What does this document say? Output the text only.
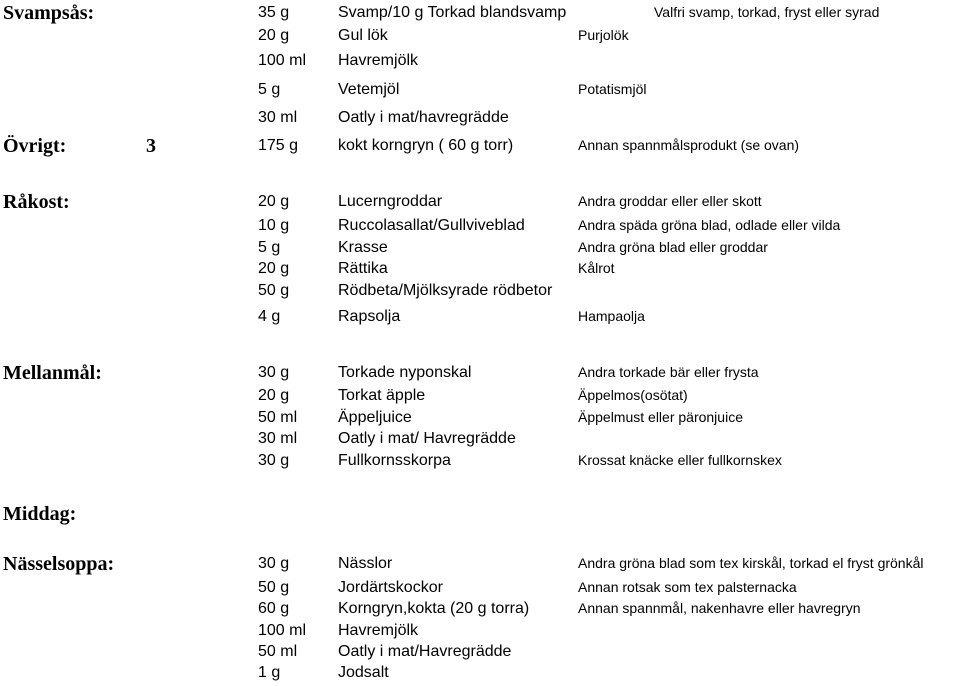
Svampsås:	35 g	Svamp/10 g Torkad blandsvamp	Valfri svamp, torkad, fryst eller syrad
20 g	Gul lök	Purjolök
100 ml Havremjölk
5 g	Vetemjöl	Potatismjöl
30 ml	Oatly i mat/havregrädde
Övrigt:	3	175 g kokt korngryn ( 60 g torr)	Annan spannmålsprodukt (se ovan)
Råkost:	20 g	Lucerngroddar	Andra groddar eller eller skott
10 g	Ruccolasallat/Gullviveblad	Andra späda gröna blad, odlade eller vilda
5 g	Krasse	Andra gröna blad eller groddar
20 g	Rättika	Kålrot
50 g	Rödbeta/Mjölksyrade rödbetor
4 g	Rapsolja	Hampaolja
Mellanmål:	30 g	Torkade nyponskal	Andra torkade bär eller frysta
20 g	Torkat äpple	Äppelmos(osötat)
50 ml	Äppeljuice	Äppelmust eller päronjuice
30 ml	Oatly i mat/ Havregrädde
30 g	Fullkornsskorpa	Krossat knäcke eller fullkornskex
Middag:
Nässelsoppa:	30 g	Nässlor	Andra gröna blad som tex kirskål, torkad el fryst grönkål
50 g	Jordärtskockor	Annan rotsak som tex palsternacka
60 g	Korngryn,kokta (20 g torra)	Annan spannmål, nakenhavre eller havregryn
100 ml Havremjölk
50 ml	Oatly i mat/Havregrädde
1 g	Jodsalt
